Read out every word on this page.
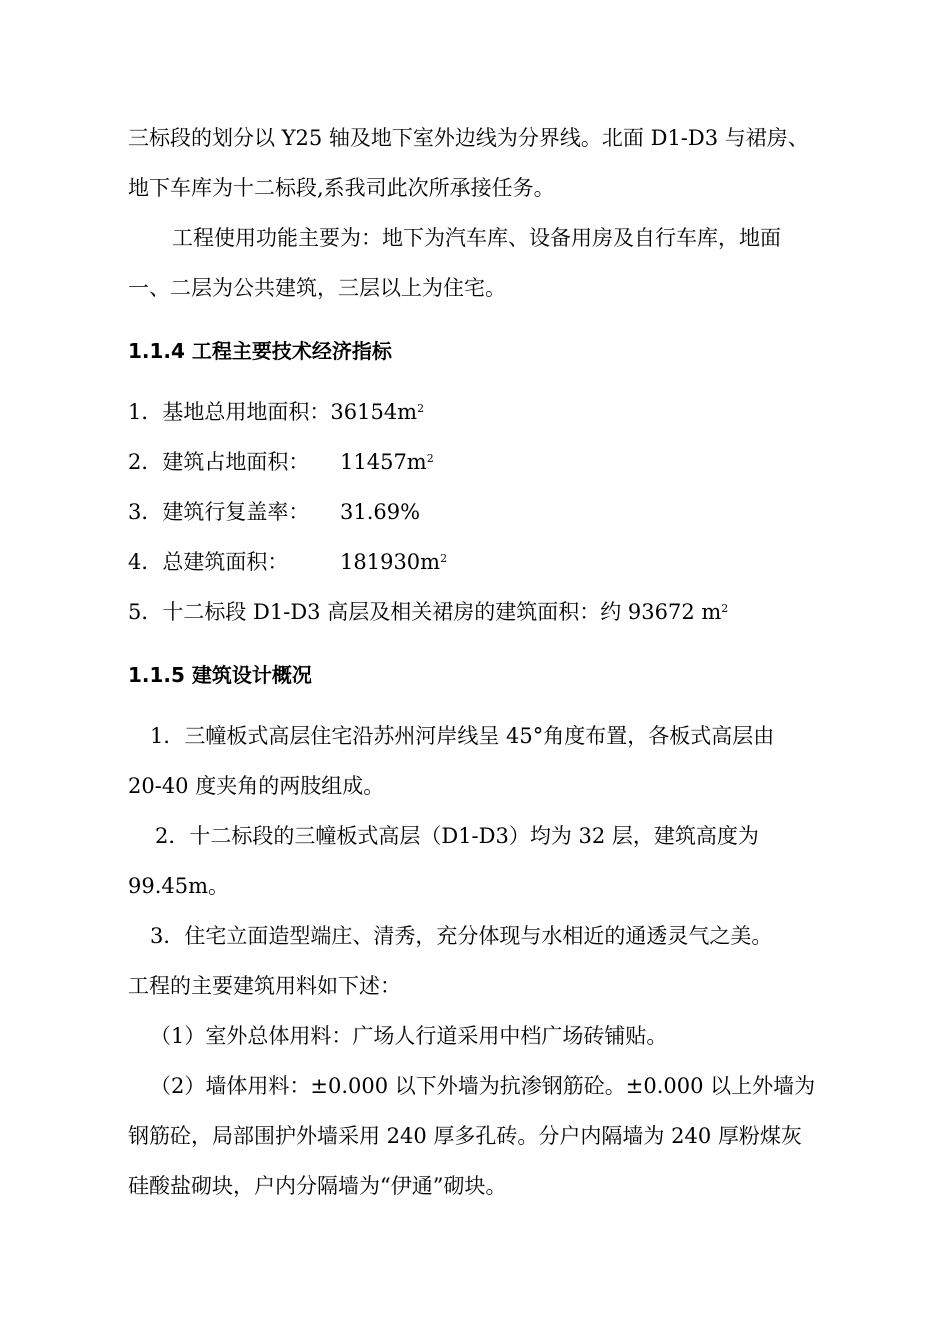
三标段的划分以 Y25 轴及地下室外边线为分界线。北面 D1-D3 与裙房、
地下车库为十二标段,系我司此次所承接任务。
工程使用功能主要为：地下为汽车库、设备用房及自行车库，地面
一、二层为公共建筑，三层以上为住宅。
1.1.4 工程主要技术经济指标
1．基地总用地面积：$36154m^2$
2．建筑占地面积： $11457m^2$
3．建筑行复盖率： 31.69%
4．总建筑面积： $181930m^2$
5．十二标段 D1-D3 高层及相关裙房的建筑面积：约 93672 $m^2$
1.1.5 建筑设计概况
1．三幢板式高层住宅沿苏州河岸线呈 45°角度布置，各板式高层由
20-40 度夹角的两肢组成。
2．十二标段的三幢板式高层（D1-D3）均为 32 层，建筑高度为
99.45m。
3．住宅立面造型端庄、清秀，充分体现与水相近的通透灵气之美。
工程的主要建筑用料如下述：
（1）室外总体用料：广场人行道采用中档广场砖铺贴。
（2）墙体用料：±0.000 以下外墙为抗渗钢筋砼。±0.000 以上外墙为
钢筋砼，局部围护外墙采用 240 厚多孔砖。分户内隔墙为 240 厚粉煤灰
硅酸盐砌块，户内分隔墙为“伊通”砌块。
